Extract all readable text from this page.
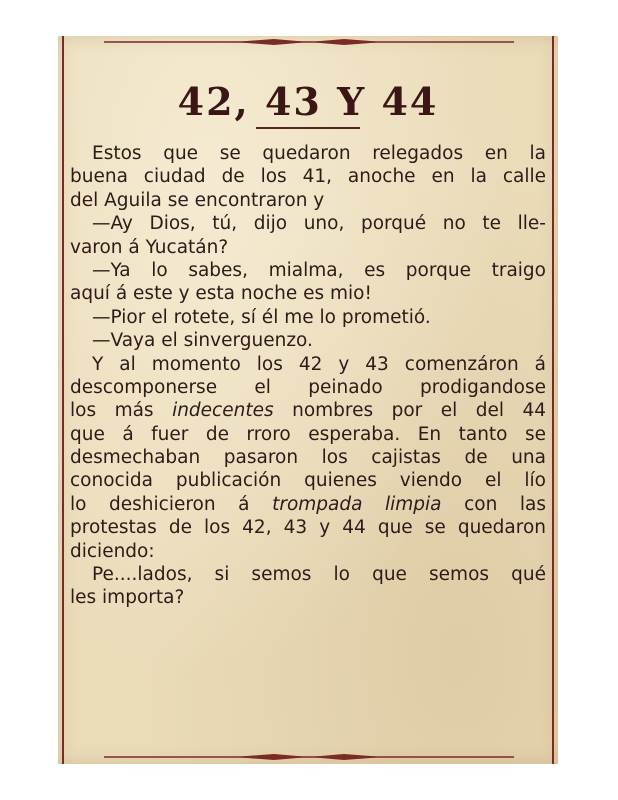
42, 43 Y 44
Estos que se quedaron relegados en la
buena ciudad de los 41, anoche en la calle
del Aguila se encontraron y
—Ay Dios, tú, dijo uno, porqué no te lle-
varon á Yucatán?
—Ya lo sabes, mialma, es porque traigo
aquí á este y esta noche es mio!
—Pior el rotete, sí él me lo prometió.
—Vaya el sinverguenzo.
Y al momento los 42 y 43 comenzáron á
descomponerse el peinado prodigandose
los más indecentes nombres por el del 44
que á fuer de rroro esperaba. En tanto se
desmechaban pasaron los cajistas de una
conocida publicación quienes viendo el lío
lo deshicieron á trompada limpia con las
protestas de los 42, 43 y 44 que se quedaron
diciendo:
Pe....lados, si semos lo que semos qué
les importa?
